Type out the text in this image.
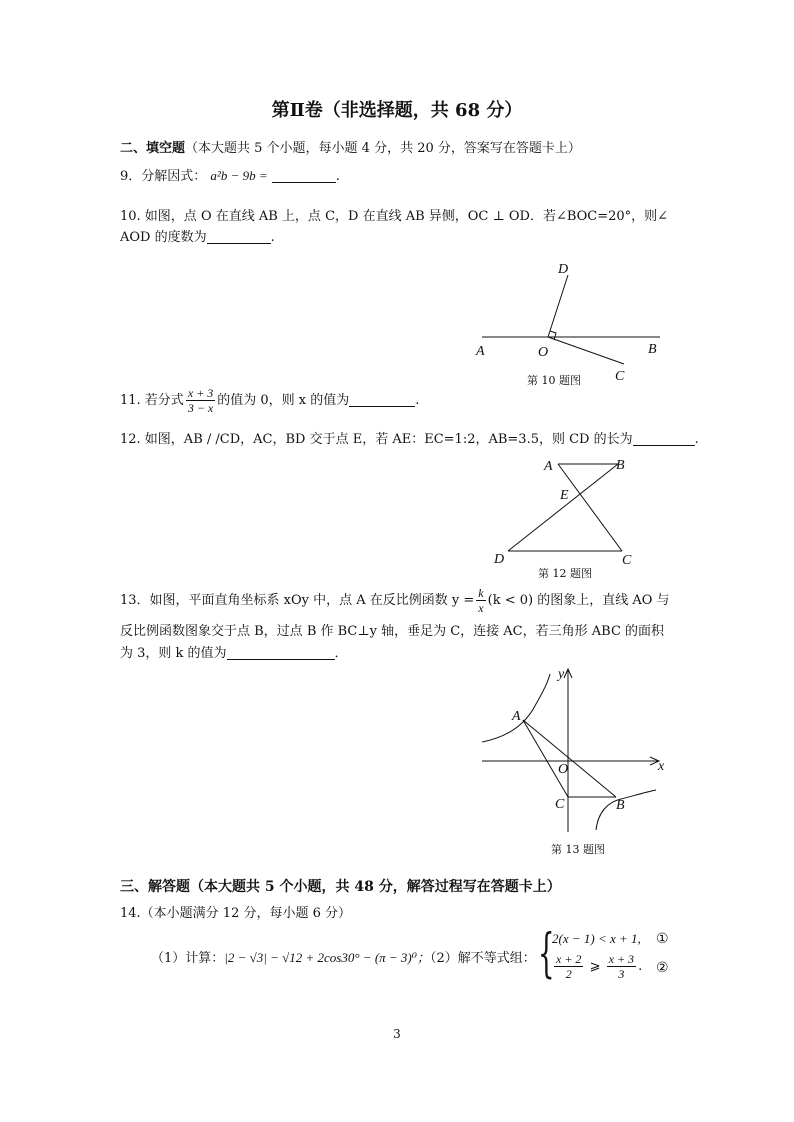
第Ⅱ卷（非选择题，共 68 分）
二、填空题（本大题共 5 个小题，每小题 4 分，共 20 分，答案写在答题卡上）
9．分解因式： a²b − 9b =	.
10. 如图，点 O 在直线 AB 上，点 C，D 在直线 AB 异侧，OC ⊥ OD．若∠BOC=20°，则∠
AOD 的度数为	.
A	B
O
C
D
第 10 题图
11. 若分式 $\frac{x + 3}{3 - x}$ 的值为 0，则 x 的值为	.
12. 如图，AB / /CD，AC，BD 交于点 E，若 AE：EC=1:2，AB=3.5，则 CD 的长为	.
A	B
E
D	C
第 12 题图
13．如图，平面直角坐标系 xOy 中，点 A 在反比例函数 $y = \frac{k}{x} (k < 0)$ 的图象上，直线 AO 与
反比例函数图象交于点 B，过点 B 作 BC⊥y 轴，垂足为 C，连接 AC，若三角形 ABC 的面积
为 3，则 k 的值为	．
A
B
C
O	x
y
第 13 题图
三、解答题（本大题共 5 个小题，共 48 分，解答过程写在答题卡上）
14.（本小题满分 12 分，每小题 6 分）
（1）计算：|2 − √3| − √12 + 2cos30° − (π − 3)⁰；（2）解不等式组： {
2(x − 1) < x + 1,
$\frac{x + 2}{2}$ ⩾ $\frac{x + 3}{3}$ .
①
②
3
